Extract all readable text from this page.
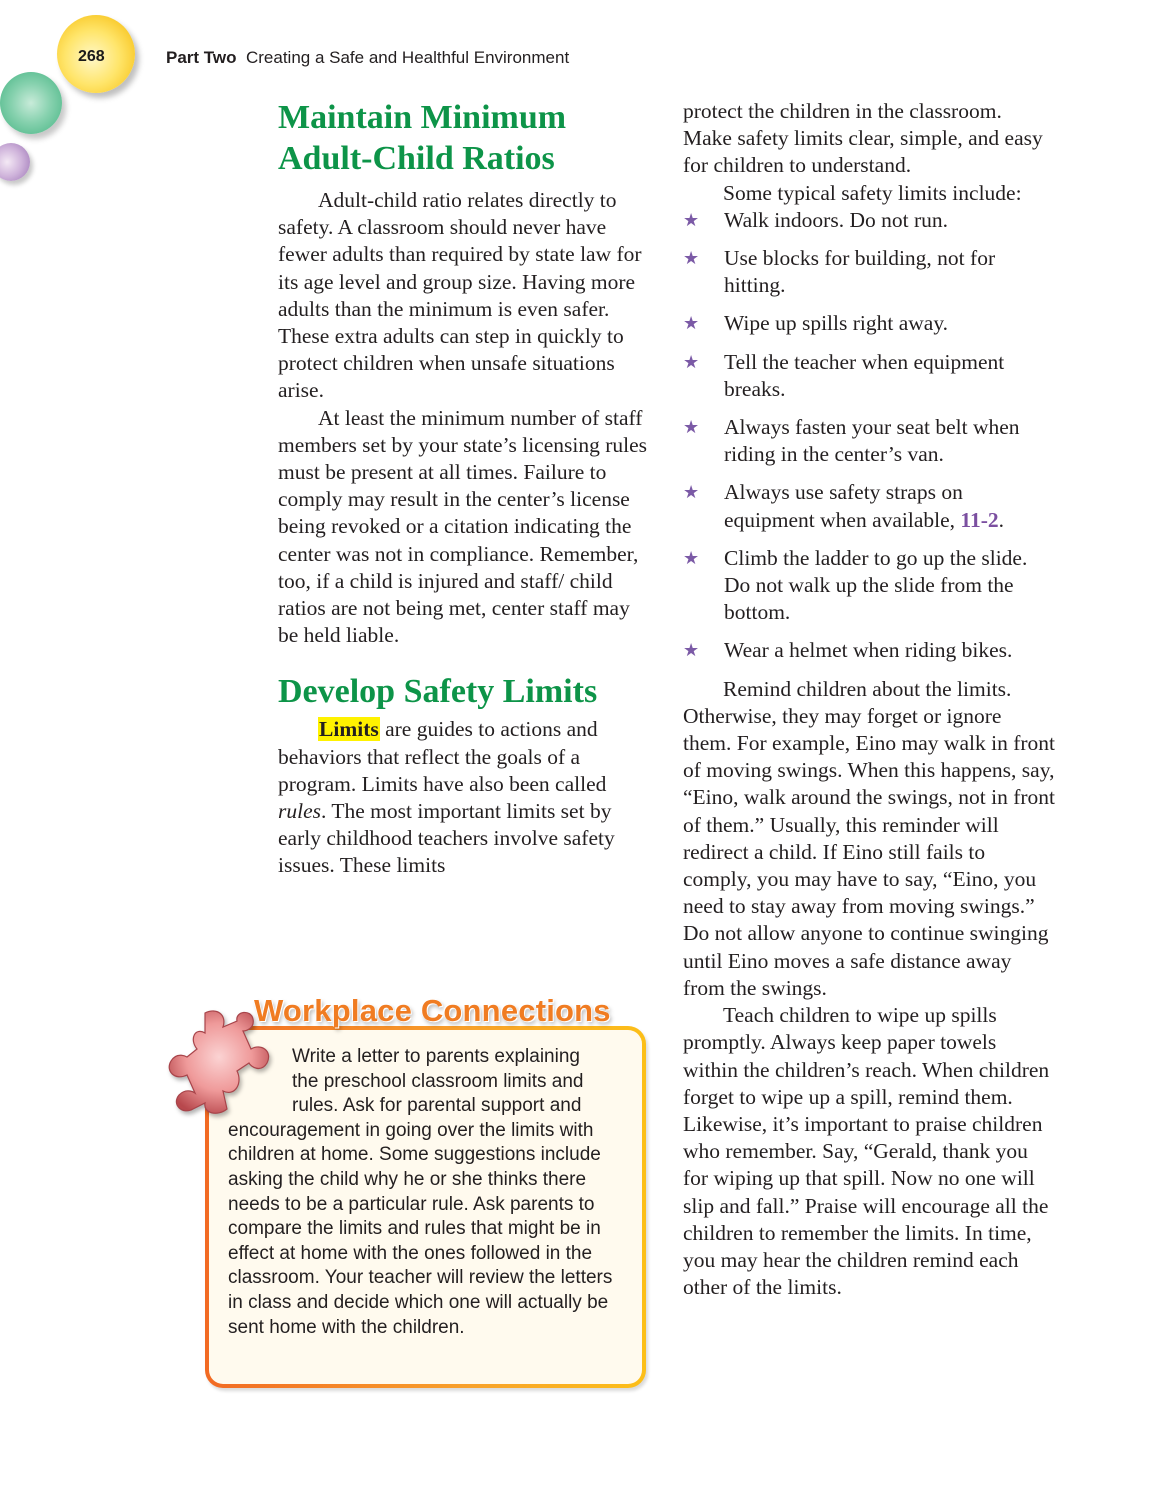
268	Part Two Creating a Safe and Healthful Environment
Maintain Minimum
Adult-Child Ratios

Adult-child ratio relates directly to safety. A classroom should never have fewer adults than required by state law for its age level and group size. Having more adults than the minimum is even safer. These extra adults can step in quickly to protect children when unsafe situations arise.

At least the minimum number of staff members set by your state’s licensing rules must be present at all times. Failure to comply may result in the center’s license being revoked or a citation indicating the center was not in compliance. Remember, too, if a child is injured and staff/ child ratios are not being met, center staff may be held liable.

Develop Safety Limits

Limits are guides to actions and behaviors that reflect the goals of a program. Limits have also been called rules. The most important limits set by early childhood teachers involve safety issues. These limits

Workplace Connections
Write a letter to parents explaining
the preschool classroom limits and
rules. Ask for parental support and
encouragement in going over the limits with children at home. Some suggestions include asking the child why he or she thinks there needs to be a particular rule. Ask parents to compare the limits and rules that might be in effect at home with the ones followed in the classroom. Your teacher will review the letters in class and decide which one will actually be sent home with the children.

protect the children in the classroom. Make safety limits clear, simple, and easy for children to understand.

Some typical safety limits include:

★ Walk indoors. Do not run.
★ Use blocks for building, not for hitting.
★ Wipe up spills right away.
★ Tell the teacher when equipment breaks.
★ Always fasten your seat belt when riding in the center’s van.
★ Always use safety straps on equipment when available, 11-2.
★ Climb the ladder to go up the slide. Do not walk up the slide from the bottom.
★ Wear a helmet when riding bikes.

Remind children about the limits. Otherwise, they may forget or ignore them. For example, Eino may walk in front of moving swings. When this happens, say, “Eino, walk around the swings, not in front of them.” Usually, this reminder will redirect a child. If Eino still fails to comply, you may have to say, “Eino, you need to stay away from moving swings.” Do not allow anyone to continue swinging until Eino moves a safe distance away from the swings.

Teach children to wipe up spills promptly. Always keep paper towels within the children’s reach. When children forget to wipe up a spill, remind them. Likewise, it’s important to praise children who remember. Say, “Gerald, thank you for wiping up that spill. Now no one will slip and fall.” Praise will encourage all the children to remember the limits. In time, you may hear the children remind each other of the limits.
